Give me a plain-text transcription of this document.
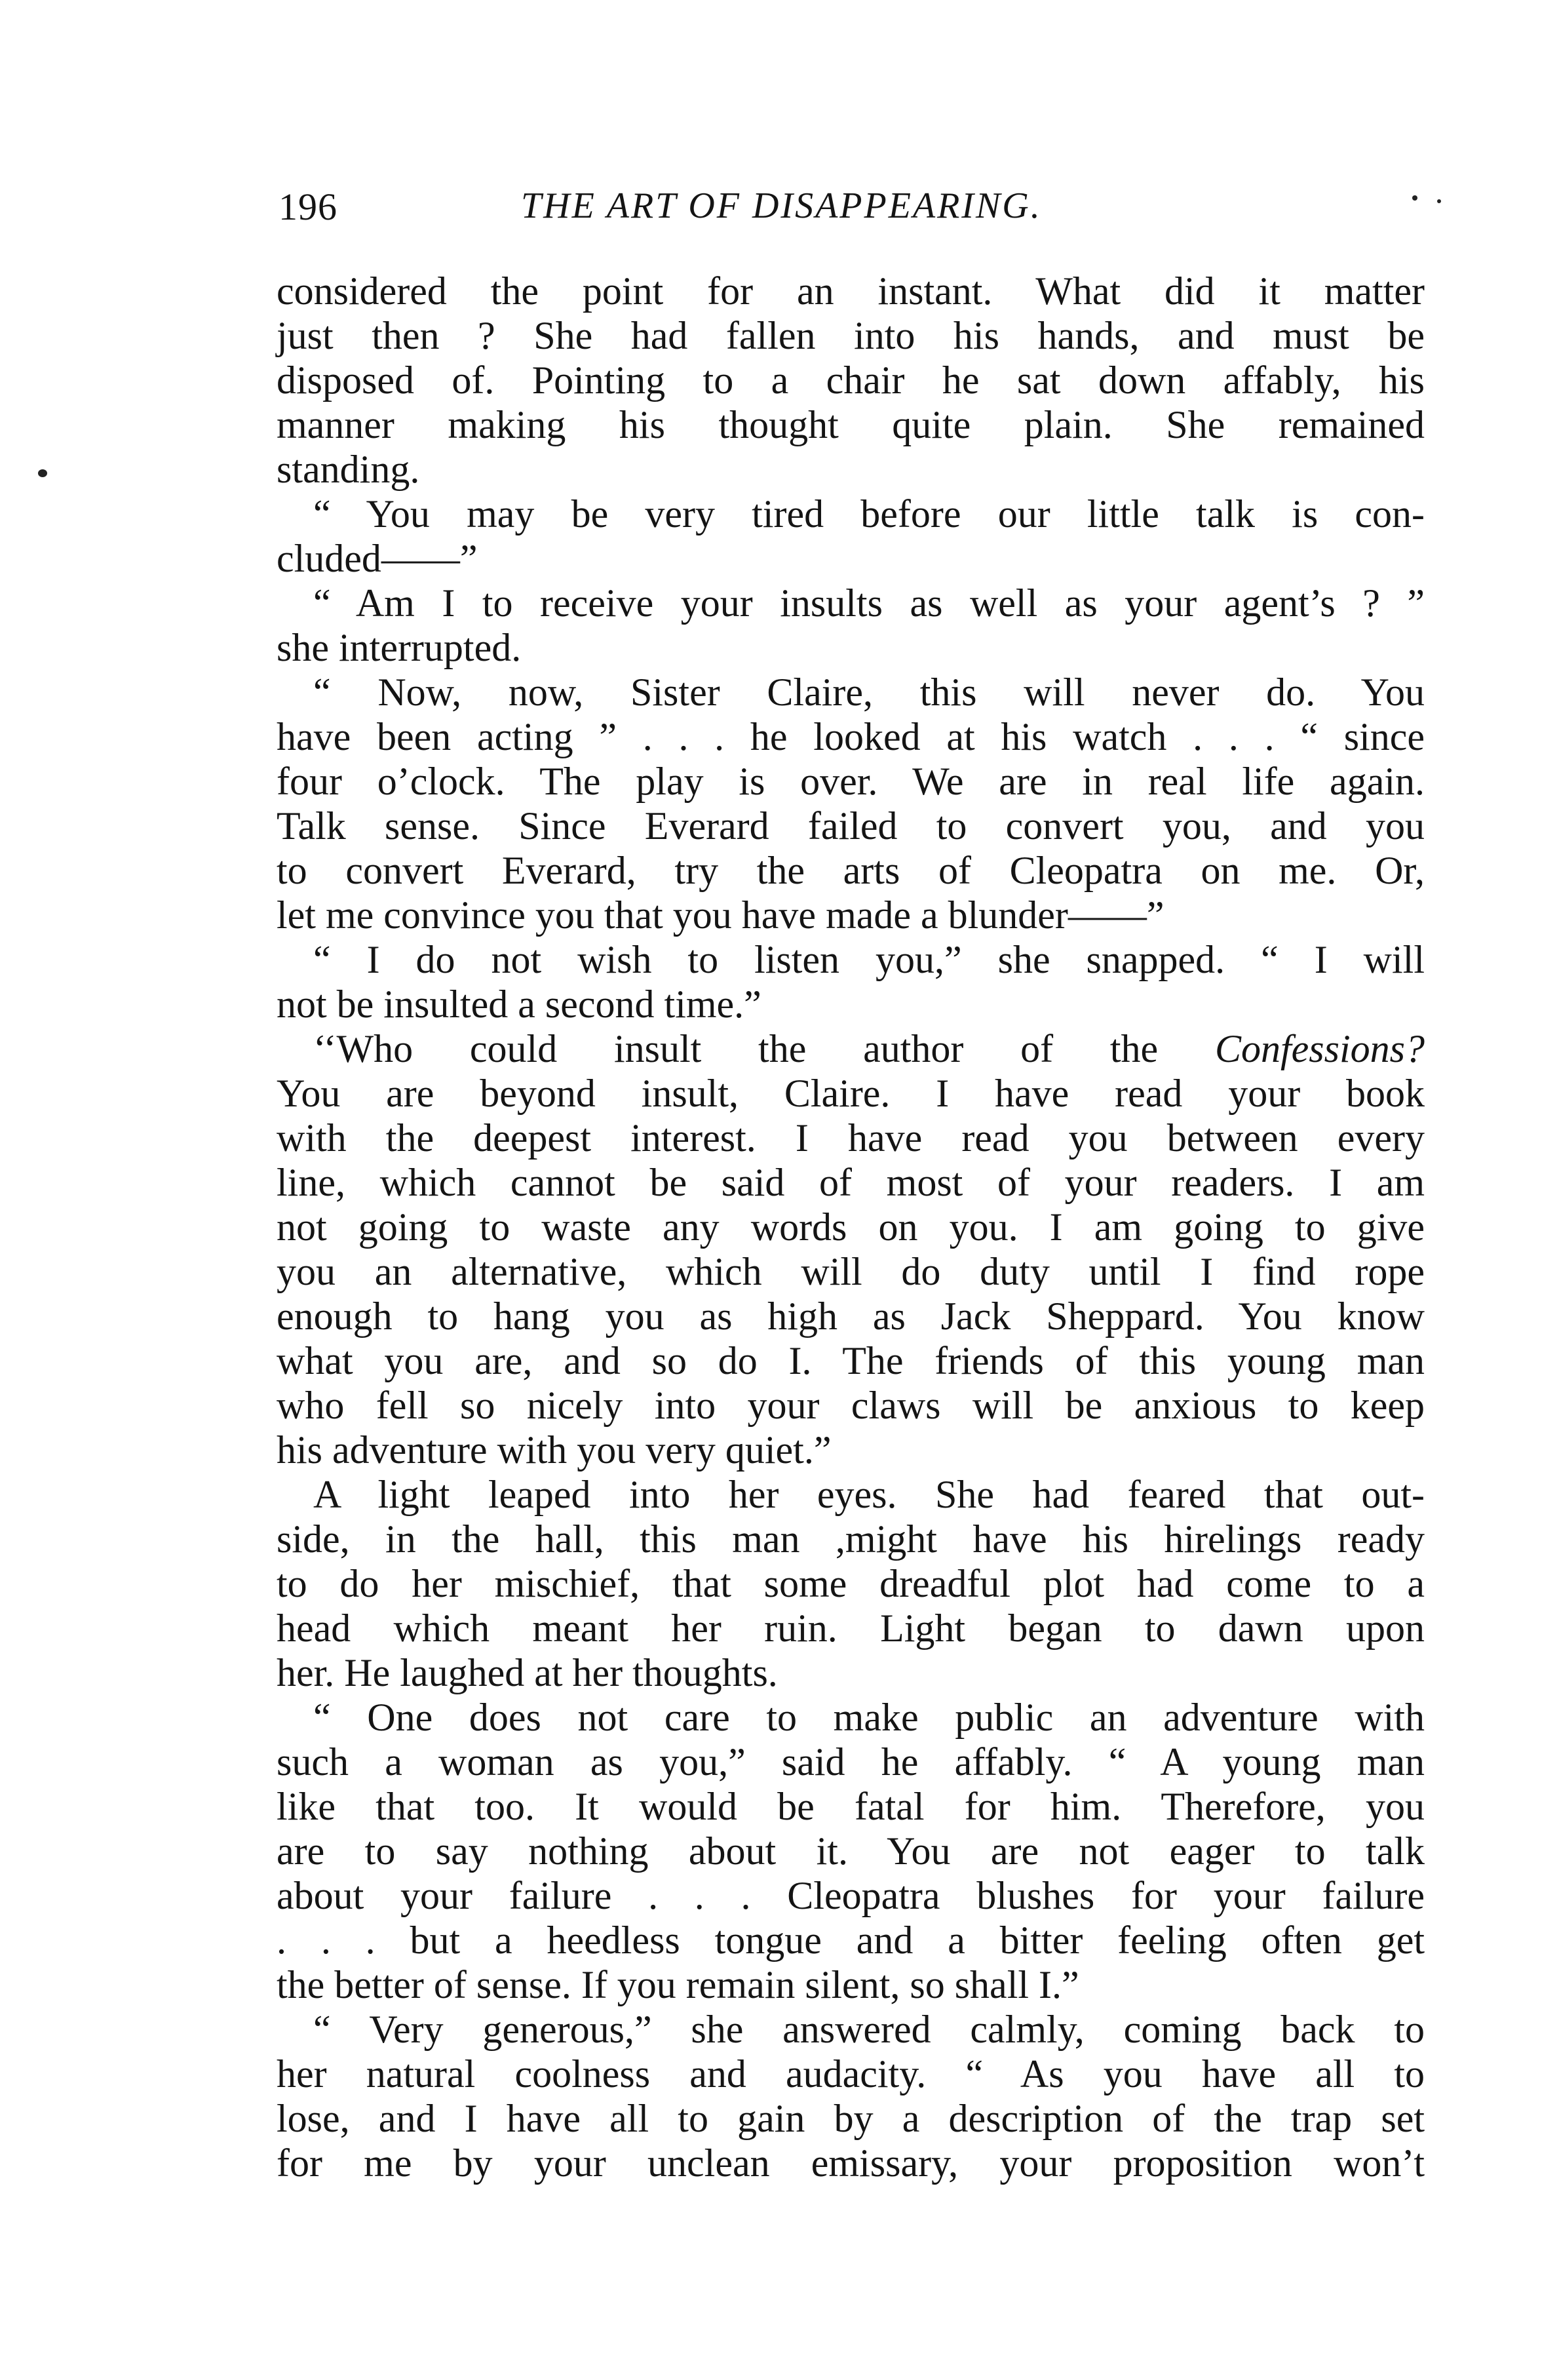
196	THE ART OF DISAPPEARING.
considered the point for an instant. What did it matter
just then ? She had fallen into his hands, and must be
disposed of. Pointing to a chair he sat down affably, his
manner making his thought quite plain. She remained
standing.
“ You may be very tired before our little talk is con-
cluded——”
“ Am I to receive your insults as well as your agent’s ? ”
she interrupted.
“ Now, now, Sister Claire, this will never do. You
have been acting ” . . . he looked at his watch . . . “ since
four o’clock. The play is over. We are in real life again.
Talk sense. Since Everard failed to convert you, and you
to convert Everard, try the arts of Cleopatra on me. Or,
let me convince you that you have made a blunder——”
“ I do not wish to listen you,” she snapped. “ I will
not be insulted a second time.”
‘‘Who could insult the author of the Confessions?
You are beyond insult, Claire. I have read your book
with the deepest interest. I have read you between every
line, which cannot be said of most of your readers. I am
not going to waste any words on you. I am going to give
you an alternative, which will do duty until I find rope
enough to hang you as high as Jack Sheppard. You know
what you are, and so do I. The friends of this young man
who fell so nicely into your claws will be anxious to keep
his adventure with you very quiet.”
A light leaped into her eyes. She had feared that out-
side, in the hall, this man ,might have his hirelings ready
to do her mischief, that some dreadful plot had come to a
head which meant her ruin. Light began to dawn upon
her. He laughed at her thoughts.
“ One does not care to make public an adventure with
such a woman as you,” said he affably. “ A young man
like that too. It would be fatal for him. Therefore, you
are to say nothing about it. You are not eager to talk
about your failure . . . Cleopatra blushes for your failure
. . . but a heedless tongue and a bitter feeling often get
the better of sense. If you remain silent, so shall I.”
“ Very generous,” she answered calmly, coming back to
her natural coolness and audacity. “ As you have all to
lose, and I have all to gain by a description of the trap set
for me by your unclean emissary, your proposition won’t
